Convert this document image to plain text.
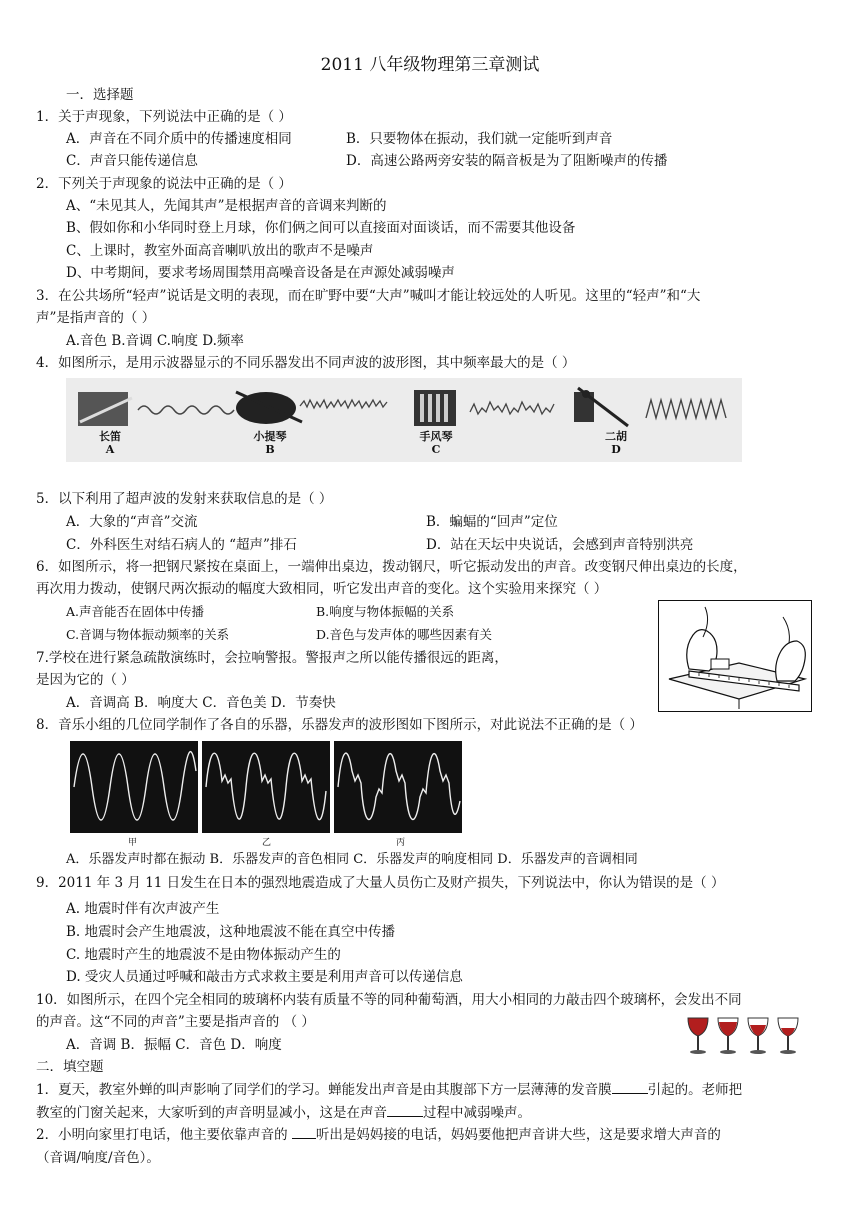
2011 八年级物理第三章测试
一．选择题
1．关于声现象，下列说法中正确的是（ ）
A．声音在不同介质中的传播速度相同	B．只要物体在振动，我们就一定能听到声音
C．声音只能传递信息	D．高速公路两旁安装的隔音板是为了阻断噪声的传播
2．下列关于声现象的说法中正确的是（ ）
A、“未见其人，先闻其声”是根据声音的音调来判断的
B、假如你和小华同时登上月球，你们俩之间可以直接面对面谈话，而不需要其他设备
C、上课时，教室外面高音喇叭放出的歌声不是噪声
D、中考期间，要求考场周围禁用高噪音设备是在声源处减弱噪声
3．在公共场所“轻声”说话是文明的表现，而在旷野中要“大声”喊叫才能让较远处的人听见。这里的“轻声”和“大
声”是指声音的（ ）
A.音色 B.音调 C.响度 D.频率
4．如图所示，是用示波器显示的不同乐器发出不同声波的波形图，其中频率最大的是（ ）
长笛
A
小提琴
B
手风琴
C
二胡
D
5．以下利用了超声波的发射来获取信息的是（ ）
A．大象的“声音”交流	B．蝙蝠的“回声”定位
C．外科医生对结石病人的 “超声”排石	D．站在天坛中央说话，会感到声音特别洪亮
6．如图所示，将一把钢尺紧按在桌面上，一端伸出桌边，拨动钢尺，听它振动发出的声音。改变钢尺伸出桌边的长度，
再次用力拨动，使钢尺两次振动的幅度大致相同，听它发出声音的变化。这个实验用来探究（ ）
A.声音能否在固体中传播	B.响度与物体振幅的关系
C.音调与物体振动频率的关系	D.音色与发声体的哪些因素有关
7.学校在进行紧急疏散演练时，会拉响警报。警报声之所以能传播很远的距离，
是因为它的（ ）
A．音调高 B．响度大 C．音色美 D．节奏快
8．音乐小组的几位同学制作了各自的乐器，乐器发声的波形图如下图所示，对此说法不正确的是（ ）
甲	乙	丙
A．乐器发声时都在振动 B．乐器发声的音色相同 C．乐器发声的响度相同 D．乐器发声的音调相同
9．2011 年 3 月 11 日发生在日本的强烈地震造成了大量人员伤亡及财产损失，下列说法中，你认为错误的是（ ）
A. 地震时伴有次声波产生
B. 地震时会产生地震波，这种地震波不能在真空中传播
C. 地震时产生的地震波不是由物体振动产生的
D. 受灾人员通过呼喊和敲击方式求救主要是利用声音可以传递信息
10．如图所示，在四个完全相同的玻璃杯内装有质量不等的同种葡萄酒，用大小相同的力敲击四个玻璃杯，会发出不同
的声音。这“不同的声音”主要是指声音的 （ ）
A．音调 B．振幅 C．音色 D．响度
二．填空题
1．夏天，教室外蝉的叫声影响了同学们的学习。蝉能发出声音是由其腹部下方一层薄薄的发音膜	引起的。老师把
教室的门窗关起来，大家听到的声音明显减小，这是在声音	过程中减弱噪声。
2．小明向家里打电话，他主要依靠声音的 听出是妈妈接的电话，妈妈要他把声音讲大些，这是要求增大声音的
（音调/响度/音色）。
